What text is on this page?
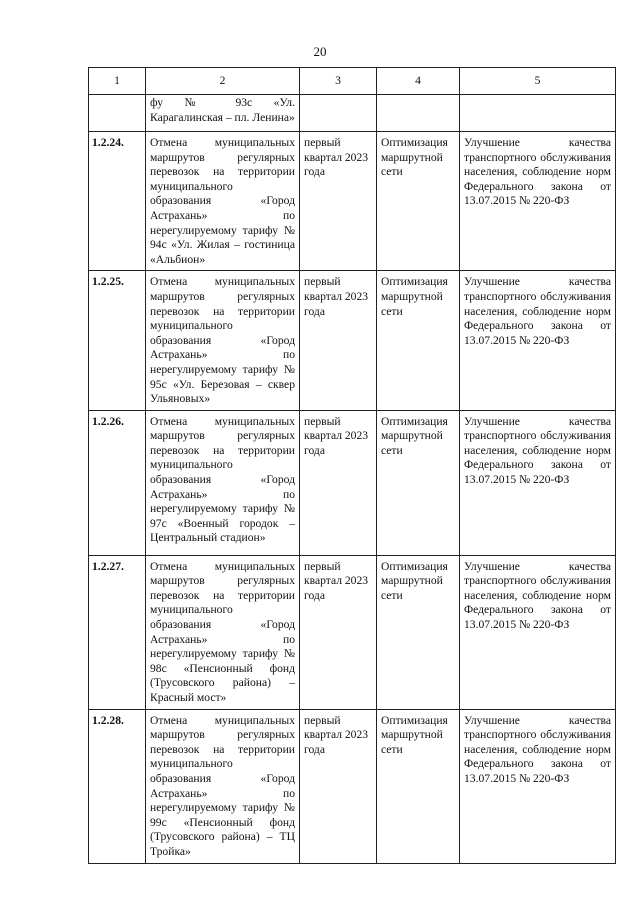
20
1	2	3	4	5
	фу № 93с «Ул. Карагалинская – пл. Ленина»			
1.2.24.	Отмена муниципальных маршрутов регулярных перевозок на территории муниципального образования «Город Астрахань» по нерегулируемому тарифу № 94с «Ул. Жилая – гостиница «Альбион»	первый квартал 2023 года	Оптимизация маршрутной сети	Улучшение качества транспортного обслуживания населения, соблюдение норм Федерального закона от 13.07.2015 № 220-ФЗ
1.2.25.	Отмена муниципальных маршрутов регулярных перевозок на территории муниципального образования «Город Астрахань» по нерегулируемому тарифу № 95с «Ул. Березовая – сквер Ульяновых»	первый квартал 2023 года	Оптимизация маршрутной сети	Улучшение качества транспортного обслуживания населения, соблюдение норм Федерального закона от 13.07.2015 № 220-ФЗ
1.2.26.	Отмена муниципальных маршрутов регулярных перевозок на территории муниципального образования «Город Астрахань» по нерегулируемому тарифу № 97с «Военный городок – Центральный стадион»	первый квартал 2023 года	Оптимизация маршрутной сети	Улучшение качества транспортного обслуживания населения, соблюдение норм Федерального закона от 13.07.2015 № 220-ФЗ
1.2.27.	Отмена муниципальных маршрутов регулярных перевозок на территории муниципального образования «Город Астрахань» по нерегулируемому тарифу № 98с «Пенсионный фонд (Трусовского района) – Красный мост»	первый квартал 2023 года	Оптимизация маршрутной сети	Улучшение качества транспортного обслуживания населения, соблюдение норм Федерального закона от 13.07.2015 № 220-ФЗ
1.2.28.	Отмена муниципальных маршрутов регулярных перевозок на территории муниципального образования «Город Астрахань» по нерегулируемому тарифу № 99с «Пенсионный фонд (Трусовского района) – ТЦ Тройка»	первый квартал 2023 года	Оптимизация маршрутной сети	Улучшение качества транспортного обслуживания населения, соблюдение норм Федерального закона от 13.07.2015 № 220-ФЗ
